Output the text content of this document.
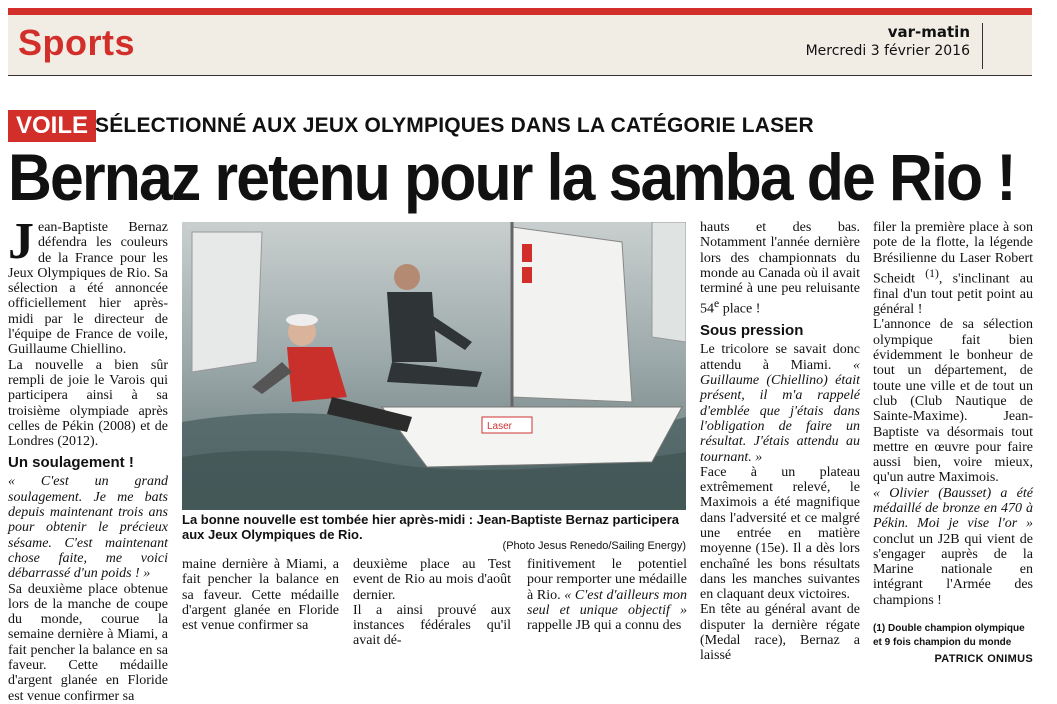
Sports	var-matin
Mercredi 3 février 2016
VOILE SÉLECTIONNÉ AUX JEUX OLYMPIQUES DANS LA CATÉGORIE LASER
Bernaz retenu pour la samba de Rio !

Jean-Baptiste Bernaz défendra les couleurs de la France pour les Jeux Olympiques de Rio. Sa sélection a été annoncée officiellement hier après-midi par le directeur de l'équipe de France de voile, Guillaume Chiellino.

La nouvelle a bien sûr rempli de joie le Varois qui participera ainsi à sa troisième olympiade après celles de Pékin (2008) et de Londres (2012).

Un soulagement !

« C'est un grand soulagement. Je me bats depuis maintenant trois ans pour obtenir le précieux sésame. C'est maintenant chose faite, me voici débarrassé d'un poids ! »

Sa deuxième place obtenue lors de la manche de coupe du monde, courue la semaine dernière à Miami, a fait pencher la balance en sa faveur. Cette médaille d'argent glanée en Floride est venue confirmer sa

Laser
La bonne nouvelle est tombée hier après-midi : Jean-Baptiste Bernaz participera aux Jeux Olympiques de Rio.
(Photo Jesus Renedo/Sailing Energy)

maine dernière à Miami, a fait pencher la balance en sa faveur. Cette médaille d'argent glanée en Floride est venue confirmer sa

deuxième place au Test event de Rio au mois d'août dernier.

Il a ainsi prouvé aux instances fédérales qu'il avait dé-

finitivement le potentiel pour remporter une médaille à Rio. « C'est d'ailleurs mon seul et unique objectif » rappelle JB qui a connu des

hauts et des bas. Notamment l'année dernière lors des championnats du monde au Canada où il avait terminé à une peu reluisante 54e place !

Sous pression

Le tricolore se savait donc attendu à Miami. « Guillaume (Chiellino) était présent, il m'a rappelé d'emblée que j'étais dans l'obligation de faire un résultat. J'étais attendu au tournant. »

Face à un plateau extrêmement relevé, le Maximois a été magnifique dans l'adversité et ce malgré une entrée en matière moyenne (15e). Il a dès lors enchaîné les bons résultats dans les manches suivantes en claquant deux victoires.

En tête au général avant de disputer la dernière régate (Medal race), Bernaz a laissé

filer la première place à son pote de la flotte, la légende Brésilienne du Laser Robert Scheidt $^{(1)}$, s'inclinant au final d'un tout petit point au général !

L'annonce de sa sélection olympique fait bien évidemment le bonheur de tout un département, de toute une ville et de tout un club (Club Nautique de Sainte-Maxime). Jean-Baptiste va désormais tout mettre en œuvre pour faire aussi bien, voire mieux, qu'un autre Maximois.

« Olivier (Bausset) a été médaillé de bronze en 470 à Pékin. Moi je vise l'or » conclut un J2B qui vient de s'engager auprès de la Marine nationale en intégrant l'Armée des champions !

(1) Double champion olympique et 9 fois champion du monde
PATRICK ONIMUS
